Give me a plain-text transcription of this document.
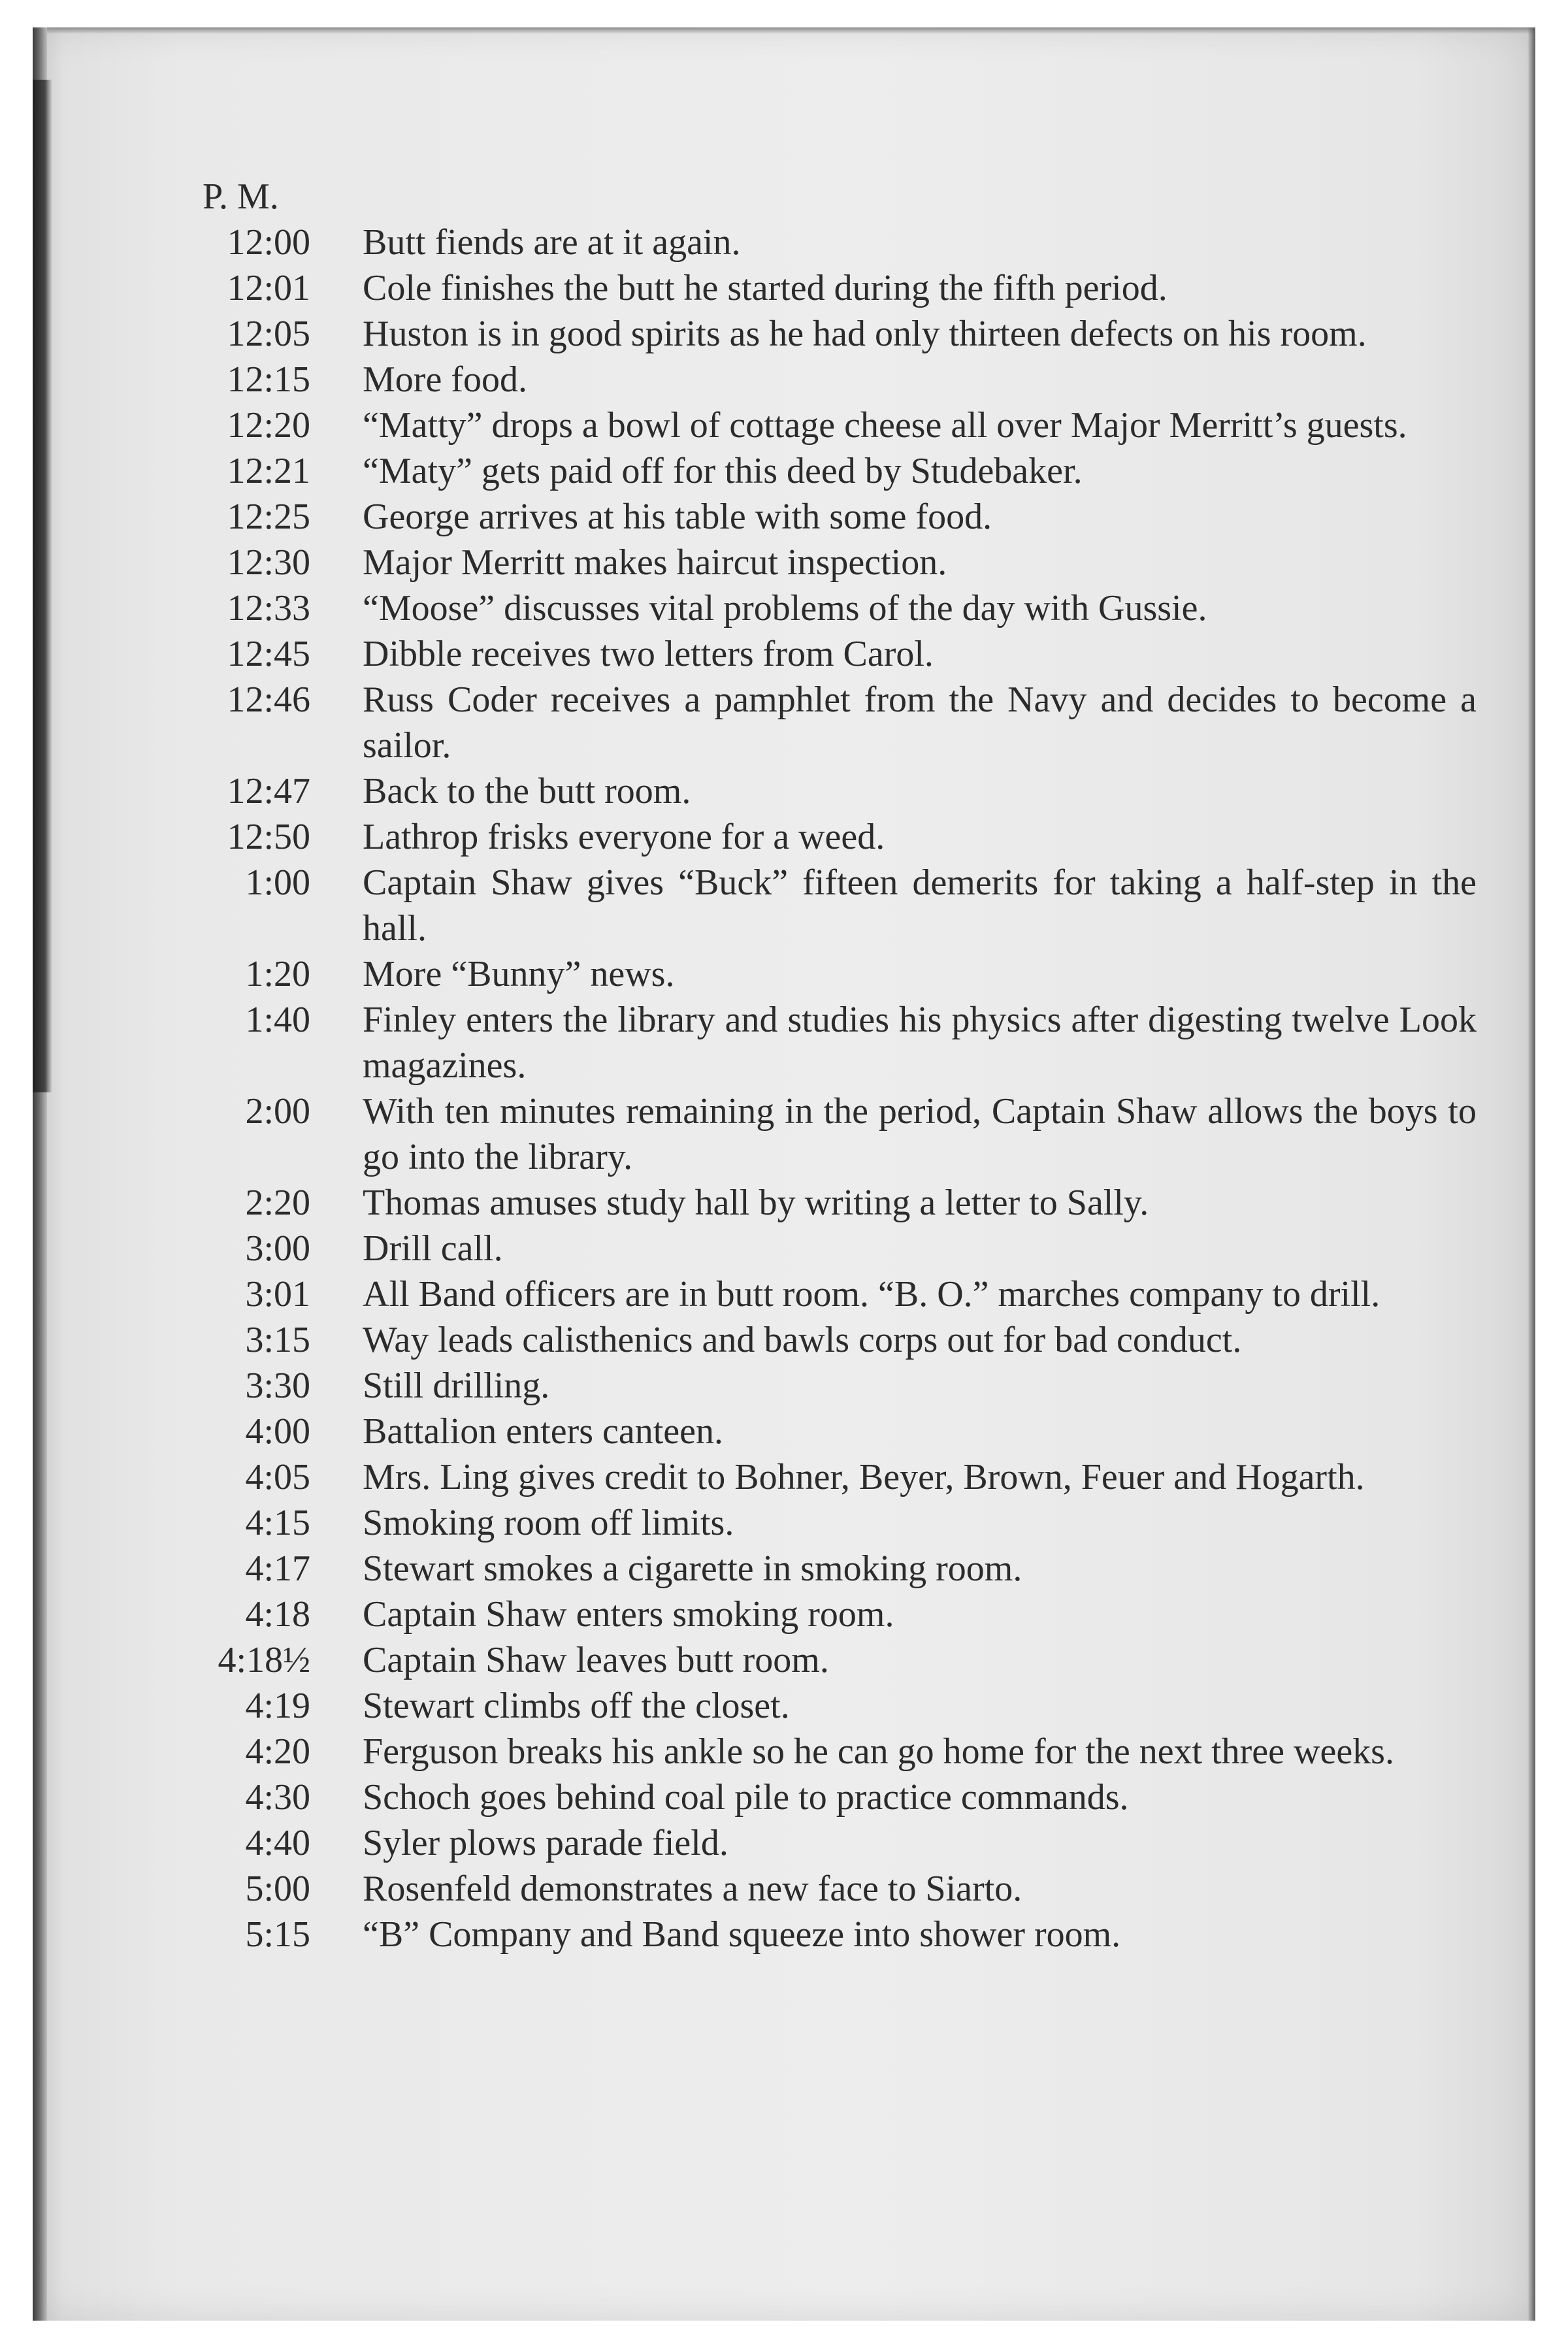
P. M.
12:00 Butt fiends are at it again.
12:01 Cole finishes the butt he started during the fifth period.
12:05 Huston is in good spirits as he had only thirteen defects on his room.
12:15 More food.
12:20 “Matty” drops a bowl of cottage cheese all over Major Merritt’s guests.
12:21 “Maty” gets paid off for this deed by Studebaker.
12:25 George arrives at his table with some food.
12:30 Major Merritt makes haircut inspection.
12:33 “Moose” discusses vital problems of the day with Gussie.
12:45 Dibble receives two letters from Carol.
12:46 Russ Coder receives a pamphlet from the Navy and decides to become a sailor.
12:47 Back to the butt room.
12:50 Lathrop frisks everyone for a weed.
1:00 Captain Shaw gives “Buck” fifteen demerits for taking a half-step in the hall.
1:20 More “Bunny” news.
1:40 Finley enters the library and studies his physics after digesting twelve Look magazines.
2:00 With ten minutes remaining in the period, Captain Shaw allows the boys to go into the library.
2:20 Thomas amuses study hall by writing a letter to Sally.
3:00 Drill call.
3:01 All Band officers are in butt room. “B. O.” marches company to drill.
3:15 Way leads calisthenics and bawls corps out for bad conduct.
3:30 Still drilling.
4:00 Battalion enters canteen.
4:05 Mrs. Ling gives credit to Bohner, Beyer, Brown, Feuer and Hogarth.
4:15 Smoking room off limits.
4:17 Stewart smokes a cigarette in smoking room.
4:18 Captain Shaw enters smoking room.
4:18½ Captain Shaw leaves butt room.
4:19 Stewart climbs off the closet.
4:20 Ferguson breaks his ankle so he can go home for the next three weeks.
4:30 Schoch goes behind coal pile to practice commands.
4:40 Syler plows parade field.
5:00 Rosenfeld demonstrates a new face to Siarto.
5:15 “B” Company and Band squeeze into shower room.
